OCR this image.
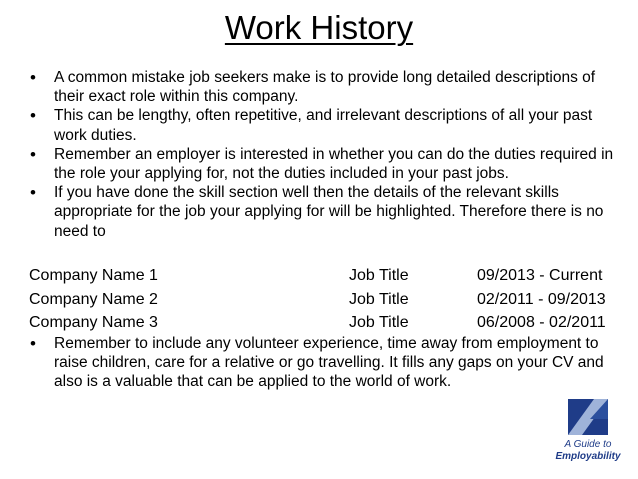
Work History
• A common mistake job seekers make is to provide long detailed descriptions of their exact role within this company.
• This can be lengthy, often repetitive, and irrelevant descriptions of all your past work duties.
• Remember an employer is interested in whether you can do the duties required in the role your applying for, not the duties included in your past jobs.
• If you have done the skill section well then the details of the relevant skills appropriate for the job your applying for will be highlighted. Therefore there is no need to
Company Name 1	Job Title	09/2013 - Current
Company Name 2	Job Title	02/2011 - 09/2013
Company Name 3	Job Title	06/2008 - 02/2011
• Remember to include any volunteer experience, time away from employment to raise children, care for a relative or go travelling. It fills any gaps on your CV and also is a valuable that can be applied to the world of work.
A Guide to
Employability
